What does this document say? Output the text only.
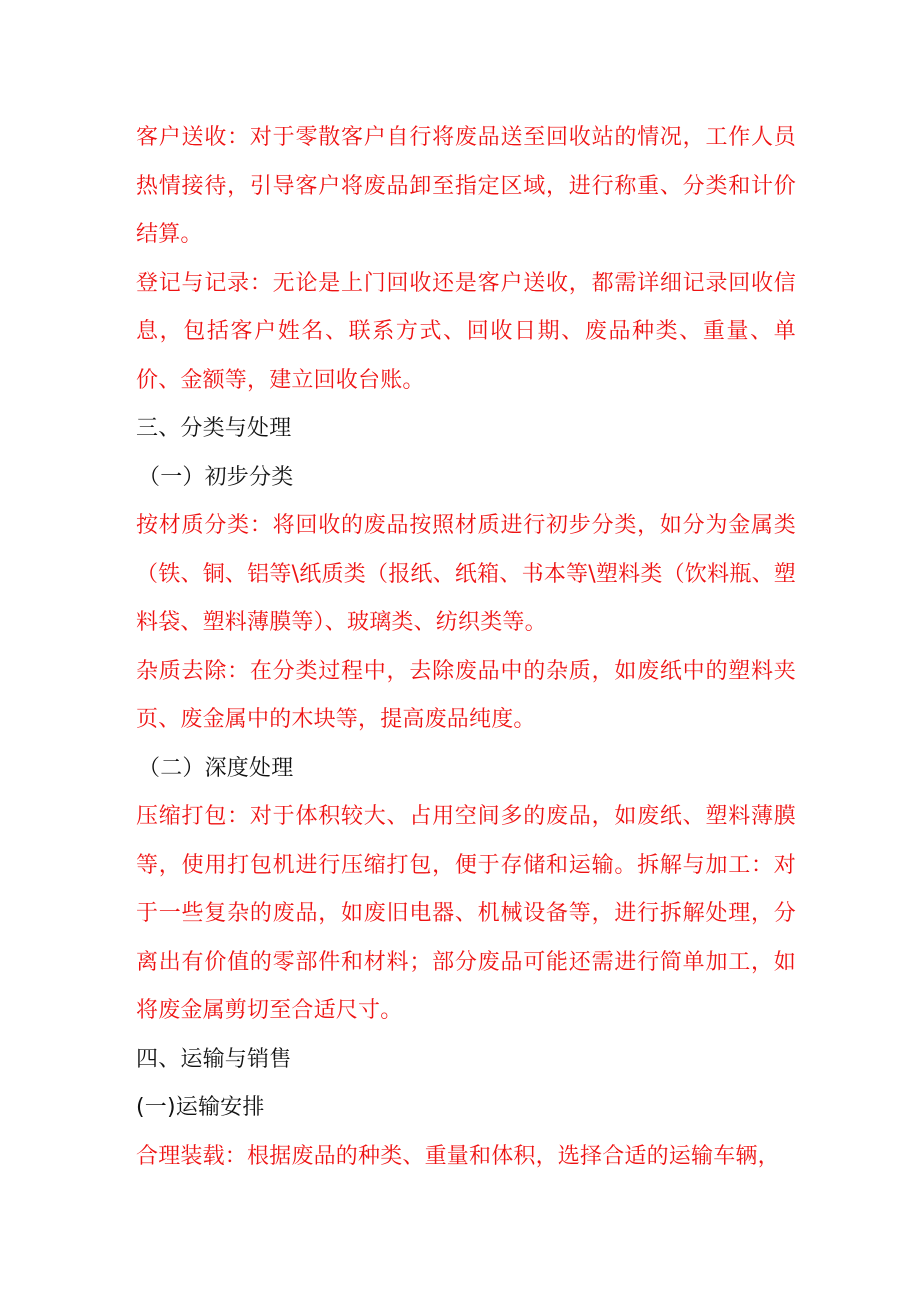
客户送收：对于零散客户自行将废品送至回收站的情况，工作人员热情接待，引导客户将废品卸至指定区域，进行称重、分类和计价结算。

登记与记录：无论是上门回收还是客户送收，都需详细记录回收信息，包括客户姓名、联系方式、回收日期、废品种类、重量、单价、金额等，建立回收台账。

三、分类与处理

（一）初步分类

按材质分类：将回收的废品按照材质进行初步分类，如分为金属类（铁、铜、铝等\纸质类（报纸、纸箱、书本等\塑料类（饮料瓶、塑料袋、塑料薄膜等）、玻璃类、纺织类等。

杂质去除：在分类过程中，去除废品中的杂质，如废纸中的塑料夹页、废金属中的木块等，提高废品纯度。

（二）深度处理

压缩打包：对于体积较大、占用空间多的废品，如废纸、塑料薄膜等，使用打包机进行压缩打包，便于存储和运输。拆解与加工：对于一些复杂的废品，如废旧电器、机械设备等，进行拆解处理，分离出有价值的零部件和材料；部分废品可能还需进行简单加工，如将废金属剪切至合适尺寸。

四、运输与销售

(一)运输安排

合理装载：根据废品的种类、重量和体积，选择合适的运输车辆，
